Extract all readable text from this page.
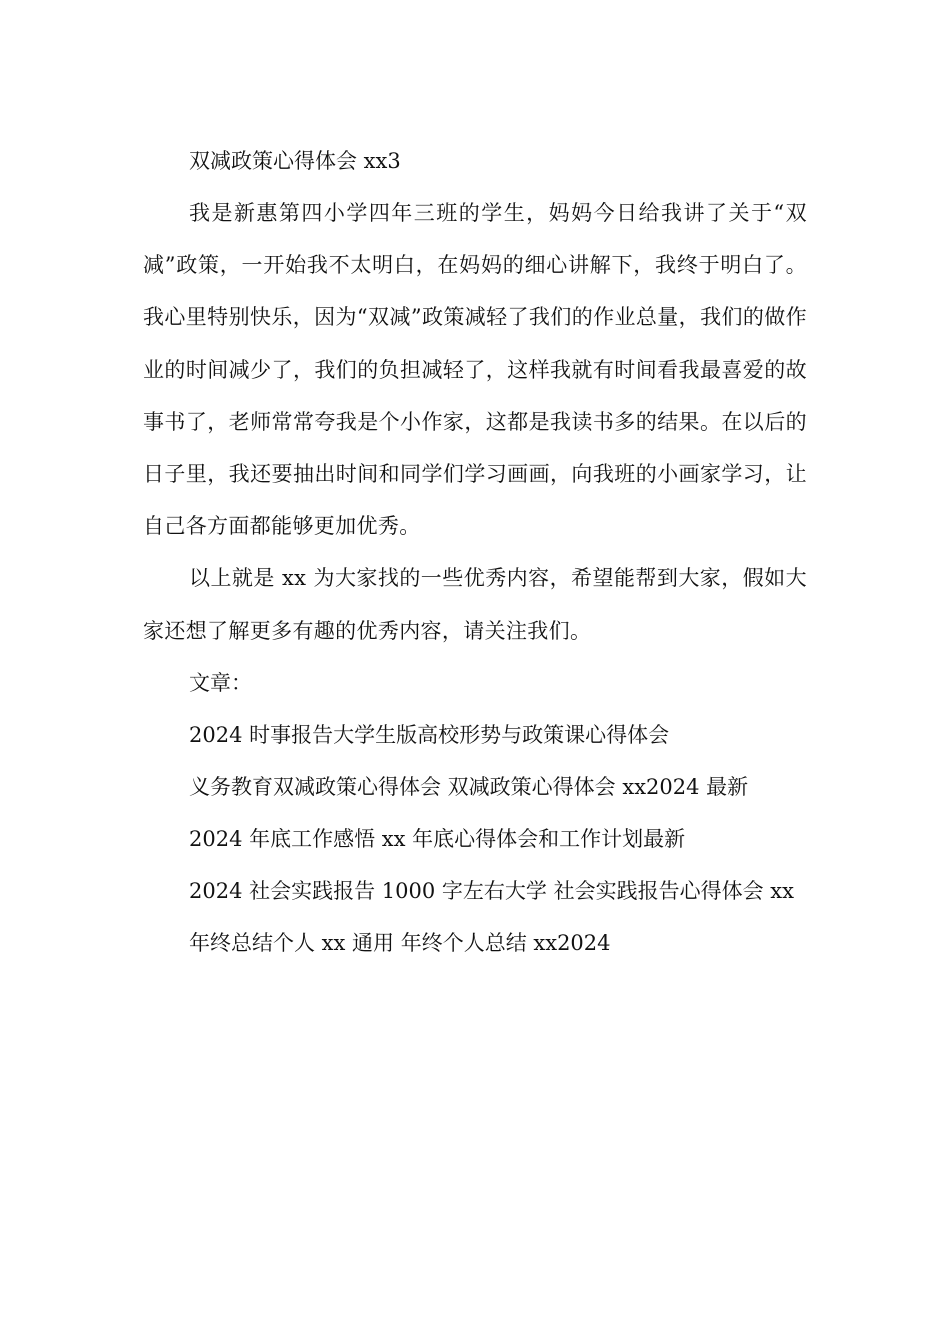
双减政策心得体会 xx3

我是新惠第四小学四年三班的学生，妈妈今日给我讲了关于“双减”政策，一开始我不太明白，在妈妈的细心讲解下，我终于明白了。我心里特别快乐，因为“双减”政策减轻了我们的作业总量，我们的做作业的时间减少了，我们的负担减轻了，这样我就有时间看我最喜爱的故事书了，老师常常夸我是个小作家，这都是我读书多的结果。在以后的日子里，我还要抽出时间和同学们学习画画，向我班的小画家学习，让自己各方面都能够更加优秀。

以上就是 xx 为大家找的一些优秀内容，希望能帮到大家，假如大家还想了解更多有趣的优秀内容，请关注我们。

文章：
2024 时事报告大学生版高校形势与政策课心得体会
义务教育双减政策心得体会 双减政策心得体会 xx2024 最新
2024 年底工作感悟 xx 年底心得体会和工作计划最新
2024 社会实践报告 1000 字左右大学 社会实践报告心得体会 xx
年终总结个人 xx 通用 年终个人总结 xx2024
